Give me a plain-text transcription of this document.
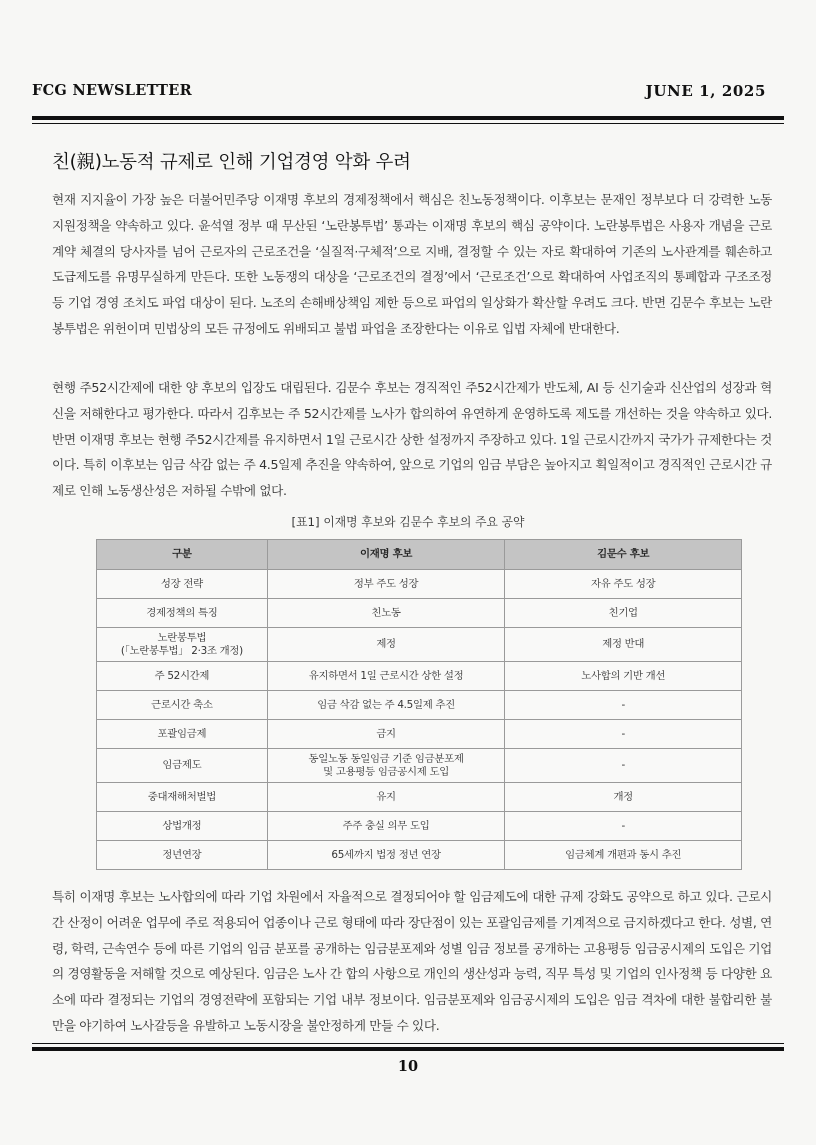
FCG NEWSLETTER	JUNE 1, 2025
친(親)노동적 규제로 인해 기업경영 악화 우려

현재 지지율이 가장 높은 더불어민주당 이재명 후보의 경제정책에서 핵심은 친노동정책이다. 이후보는 문재인 정부보다 더 강력한 노동지원정책을 약속하고 있다. 윤석열 정부 때 무산된 ‘노란봉투법’ 통과는 이재명 후보의 핵심 공약이다. 노란봉투법은 사용자 개념을 근로계약 체결의 당사자를 넘어 근로자의 근로조건을 ‘실질적·구체적’으로 지배, 결정할 수 있는 자로 확대하여 기존의 노사관계를 훼손하고 도급제도를 유명무실하게 만든다. 또한 노동쟁의 대상을 ‘근로조건의 결정’에서 ‘근로조건’으로 확대하여 사업조직의 통폐합과 구조조정 등 기업 경영 조치도 파업 대상이 된다. 노조의 손해배상책임 제한 등으로 파업의 일상화가 확산할 우려도 크다. 반면 김문수 후보는 노란봉투법은 위헌이며 민법상의 모든 규정에도 위배되고 불법 파업을 조장한다는 이유로 입법 자체에 반대한다.

현행 주52시간제에 대한 양 후보의 입장도 대립된다. 김문수 후보는 경직적인 주52시간제가 반도체, AI 등 신기술과 신산업의 성장과 혁신을 저해한다고 평가한다. 따라서 김후보는 주 52시간제를 노사가 합의하여 유연하게 운영하도록 제도를 개선하는 것을 약속하고 있다. 반면 이재명 후보는 현행 주52시간제를 유지하면서 1일 근로시간 상한 설정까지 주장하고 있다. 1일 근로시간까지 국가가 규제한다는 것이다. 특히 이후보는 임금 삭감 없는 주 4.5일제 추진을 약속하여, 앞으로 기업의 임금 부담은 높아지고 획일적이고 경직적인 근로시간 규제로 인해 노동생산성은 저하될 수밖에 없다.

[표1] 이재명 후보와 김문수 후보의 주요 공약
구분	이재명 후보	김문수 후보

성장 전략	정부 주도 성장	자유 주도 성장

경제정책의 특징	친노동	친기업

노란봉투법
(「노란봉투법」 2·3조 개정)	제정	제정 반대

주 52시간제	유지하면서 1일 근로시간 상한 설정	노사합의 기반 개선

근로시간 축소	임금 삭감 없는 주 4.5일제 추진	-

포괄임금제	금지	-

임금제도	동일노동 동일임금 기준 임금분포제
및 고용평등 임금공시제 도입	-

중대재해처벌법	유지	개정

상법개정	주주 충실 의무 도입	-

정년연장	65세까지 법정 정년 연장	임금체계 개편과 동시 추진

특히 이재명 후보는 노사합의에 따라 기업 차원에서 자율적으로 결정되어야 할 임금제도에 대한 규제 강화도 공약으로 하고 있다. 근로시간 산정이 어려운 업무에 주로 적용되어 업종이나 근로 형태에 따라 장단점이 있는 포괄임금제를 기계적으로 금지하겠다고 한다. 성별, 연령, 학력, 근속연수 등에 따른 기업의 임금 분포를 공개하는 임금분포제와 성별 임금 정보를 공개하는 고용평등 임금공시제의 도입은 기업의 경영활동을 저해할 것으로 예상된다. 임금은 노사 간 합의 사항으로 개인의 생산성과 능력, 직무 특성 및 기업의 인사정책 등 다양한 요소에 따라 결정되는 기업의 경영전략에 포함되는 기업 내부 정보이다. 임금분포제와 임금공시제의 도입은 임금 격차에 대한 불합리한 불만을 야기하여 노사갈등을 유발하고 노동시장을 불안정하게 만들 수 있다.

10
